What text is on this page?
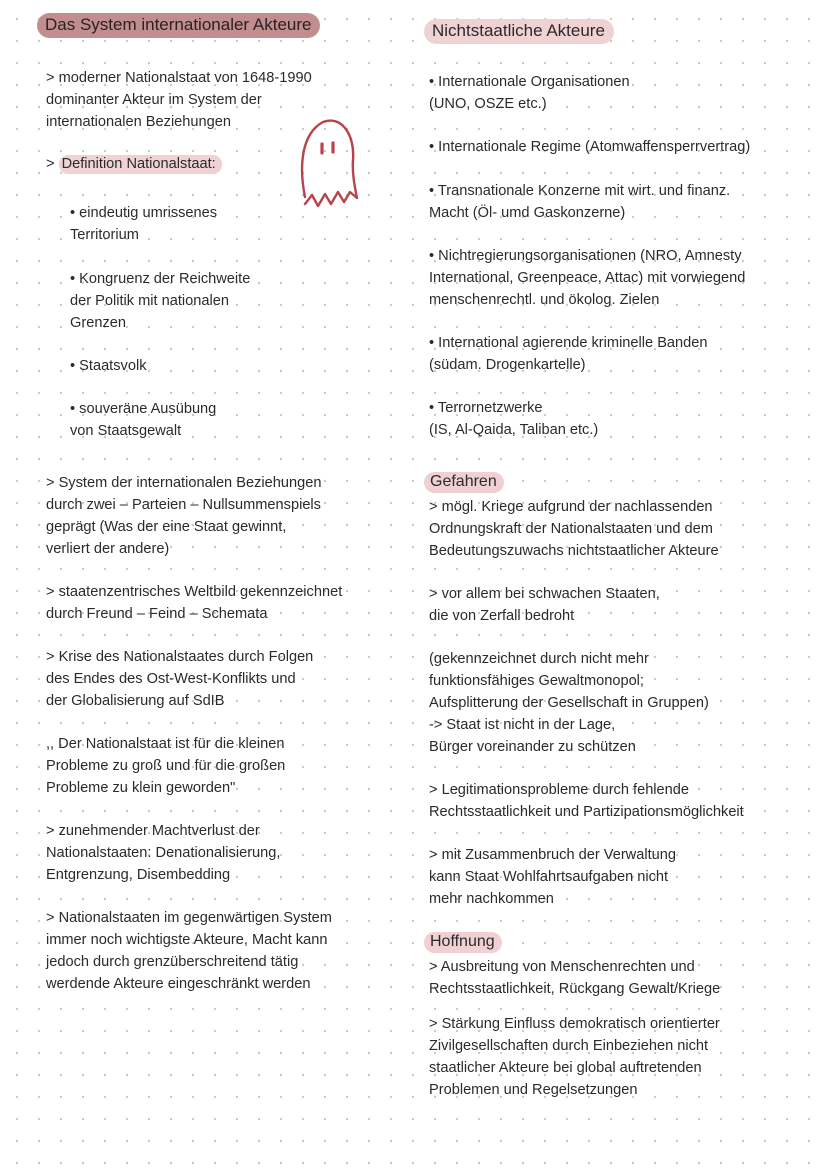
Das System internationaler Akteure

> moderner Nationalstaat von 1648-1990
dominanter Akteur im System der
internationalen Beziehungen

> Definition Nationalstaat:

• eindeutig umrissenes
Territorium

• Kongruenz der Reichweite
der Politik mit nationalen
Grenzen

• Staatsvolk

• souveräne Ausübung
von Staatsgewalt

> System der internationalen Beziehungen
durch zwei – Parteien – Nullsummenspiels
geprägt (Was der eine Staat gewinnt,
verliert der andere)

> staatenzentrisches Weltbild gekennzeichnet
durch Freund – Feind – Schemata

> Krise des Nationalstaates durch Folgen
des Endes des Ost-West-Konflikts und
der Globalisierung auf SdIB

,, Der Nationalstaat ist für die kleinen
Probleme zu groß und für die großen
Probleme zu klein geworden"

> zunehmender Machtverlust der
Nationalstaaten: Denationalisierung,
Entgrenzung, Disembedding

> Nationalstaaten im gegenwärtigen System
immer noch wichtigste Akteure, Macht kann
jedoch durch grenzüberschreitend tätig
werdende Akteure eingeschränkt werden

Nichtstaatliche Akteure

• Internationale Organisationen
(UNO, OSZE etc.)

• Internationale Regime (Atomwaffensperrvertrag)

• Transnationale Konzerne mit wirt. und finanz.
Macht (Öl- umd Gaskonzerne)

• Nichtregierungsorganisationen (NRO, Amnesty
International, Greenpeace, Attac) mit vorwiegend
menschenrechtl. und ökolog. Zielen

• International agierende kriminelle Banden
(südam. Drogenkartelle)

• Terrornetzwerke
(IS, Al-Qaida, Taliban etc.)

Gefahren

> mögl. Kriege aufgrund der nachlassenden
Ordnungskraft der Nationalstaaten und dem
Bedeutungszuwachs nichtstaatlicher Akteure

> vor allem bei schwachen Staaten,
die von Zerfall bedroht

(gekennzeichnet durch nicht mehr
funktionsfähiges Gewaltmonopol;
Aufsplitterung der Gesellschaft in Gruppen)
-> Staat ist nicht in der Lage,
Bürger voreinander zu schützen

> Legitimationsprobleme durch fehlende
Rechtsstaatlichkeit und Partizipationsmöglichkeit

> mit Zusammenbruch der Verwaltung
kann Staat Wohlfahrtsaufgaben nicht
mehr nachkommen

Hoffnung

> Ausbreitung von Menschenrechten und
Rechtsstaatlichkeit, Rückgang Gewalt/Kriege

> Stärkung Einfluss demokratisch orientierter
Zivilgesellschaften durch Einbeziehen nicht
staatlicher Akteure bei global auftretenden
Problemen und Regelsetzungen
